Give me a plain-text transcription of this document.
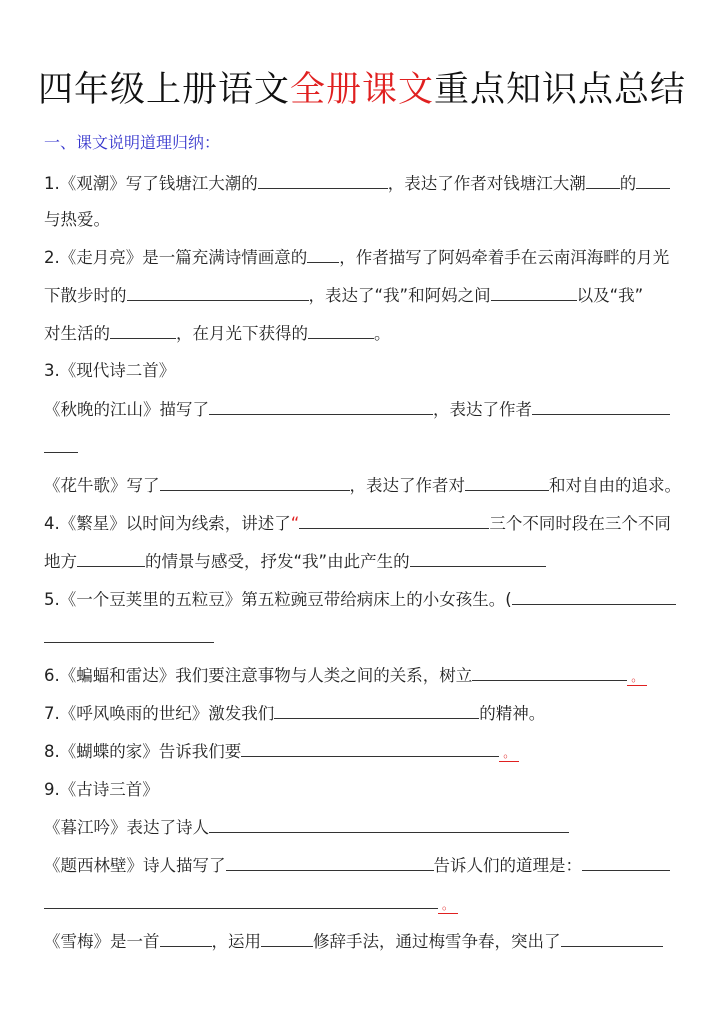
四年级上册语文全册课文重点知识点总结
一、课文说明道理归纳：
1.《观潮》写了钱塘江大潮的	，表达了作者对钱塘江大潮 的
与热爱。
2.《走月亮》是一篇充满诗情画意的 ，作者描写了阿妈牵着手在云南洱海畔的月光
下散步时的	，表达了“我”和阿妈之间	以及“我”
对生活的	，在月光下获得的	。
3.《现代诗二首》
《秋晚的江山》描写了	，表达了作者
《花牛歌》写了	，表达了作者对	和对自由的追求。
4.《繁星》以时间为线索，讲述了“	三个不同时段在三个不同
地方	的情景与感受，抒发“我”由此产生的
5.《一个豆荚里的五粒豆》第五粒豌豆带给病床上的小女孩生。(
6.《蝙蝠和雷达》我们要注意事物与人类之间的关系，树立	。
7.《呼风唤雨的世纪》激发我们	的精神。
8.《蝴蝶的家》告诉我们要	。
9.《古诗三首》
《暮江吟》表达了诗人
《题西林壁》诗人描写了	告诉人们的道理是：
。
《雪梅》是一首	，运用	修辞手法，通过梅雪争春，突出了
